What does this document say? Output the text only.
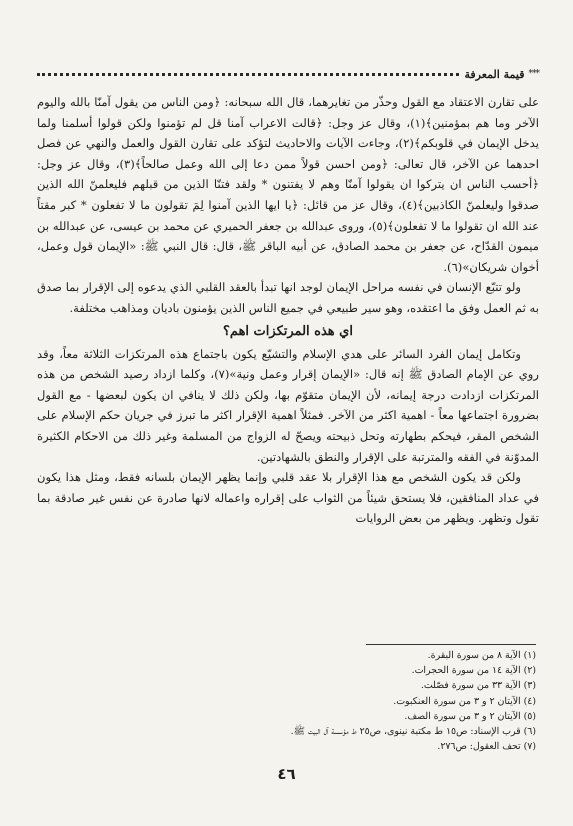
***
قيمة المعرفة

على تقارن الاعتقاد مع القول وحذّر من تغايرهما، قال الله سبحانه: ﴿ومن الناس من يقول آمنّا بالله واليوم الآخر وما هم بمؤمنين﴾(١)، وقال عز وجل: ﴿قالت الاعراب آمنا قل لم تؤمنوا ولكن قولوا أسلمنا ولما يدخل الإيمان في قلوبكم﴾(٢)، وجاءت الآيات والاحاديث لتؤكد على تقارن القول والعمل والنهي عن فصل احدهما عن الآخر، قال تعالى: ﴿ومن احسن قولاً ممن دعا إلى الله وعمل صالحاً﴾(٣)، وقال عز وجل: ﴿أحسب الناس ان يتركوا ان يقولوا آمنّا وهم لا يفتنون * ولقد فتنّا الذين من قبلهم فليعلمنّ الله الذين صدقوا وليعلمنّ الكاذبين﴾(٤)، وقال عز من قائل: ﴿يا ايها الذين آمنوا لِمَ تقولون ما لا تفعلون * كبر مقتاً عند الله ان تقولوا ما لا تفعلون﴾(٥)، وروى عبدالله بن جعفر الحميري عن محمد بن عيسى، عن عبدالله بن ميمون القدّاح، عن جعفر بن محمد الصادق، عن أبيه الباقر ﷺ، قال: قال النبي ﷺ: «الإيمان قول وعمل، أخوان شريكان»(٦).

ولو تتبّع الإنسان في نفسه مراحل الإيمان لوجد انها تبدأ بالعقد القلبي الذي يدعوه إلى الإقرار بما صدق به ثم العمل وفق ما اعتقده، وهو سير طبيعي في جميع الناس الذين يؤمنون باديان ومذاهب مختلفة.

اي هذه المرتكزات اهم؟

وتكامل إيمان الفرد السائر على هدي الإسلام والتشيّع يكون باجتماع هذه المرتكزات الثلاثة معاً، وقد روي عن الإمام الصادق ﷺ إنه قال: «الإيمان إقرار وعمل ونية»(٧)، وكلما ازداد رصيد الشخص من هذه المرتكزات ازدادت درجة إيمانه، لأن الإيمان متقوّم بها، ولكن ذلك لا ينافي ان يكون لبعضها - مع القول بضرورة اجتماعها معاً - اهمية اكثر من الآخر. فمثلاً اهمية الإقرار اكثر ما تبرز في جريان حكم الإسلام على الشخص المقر، فيحكم بطهارته وتحل ذبيحته ويصحّ له الزواج من المسلمة وغير ذلك من الاحكام الكثيرة المدوّنة في الفقه والمترتبة على الإقرار والنطق بالشهادتين.

ولكن قد يكون الشخص مع هذا الإقرار بلا عقد قلبي وإنما يظهر الإيمان بلسانه فقط، ومثل هذا يكون في عداد المنافقين، فلا يستحق شيئاً من الثواب على إقراره واعماله لانها صادرة عن نفس غير صادقة بما تقول وتظهر. ويظهر من بعض الروايات

(١) الآية ٨ من سورة البقرة.
(٢) الآية ١٤ من سورة الحجرات.
(٣) الآية ٣٣ من سورة فصّلت.
(٤) الآيتان ٢ و ٣ من سورة العنكبوت.
(٥) الآيتان ٢ و ٣ من سورة الصف.
(٦) قرب الإسناد: ص١٥ ط مكتبة نينوى، ص٢٥ ط مؤسسة آل البيت ﷺ.
(٧) تحف العقول: ص٢٧٦.
٤٦
